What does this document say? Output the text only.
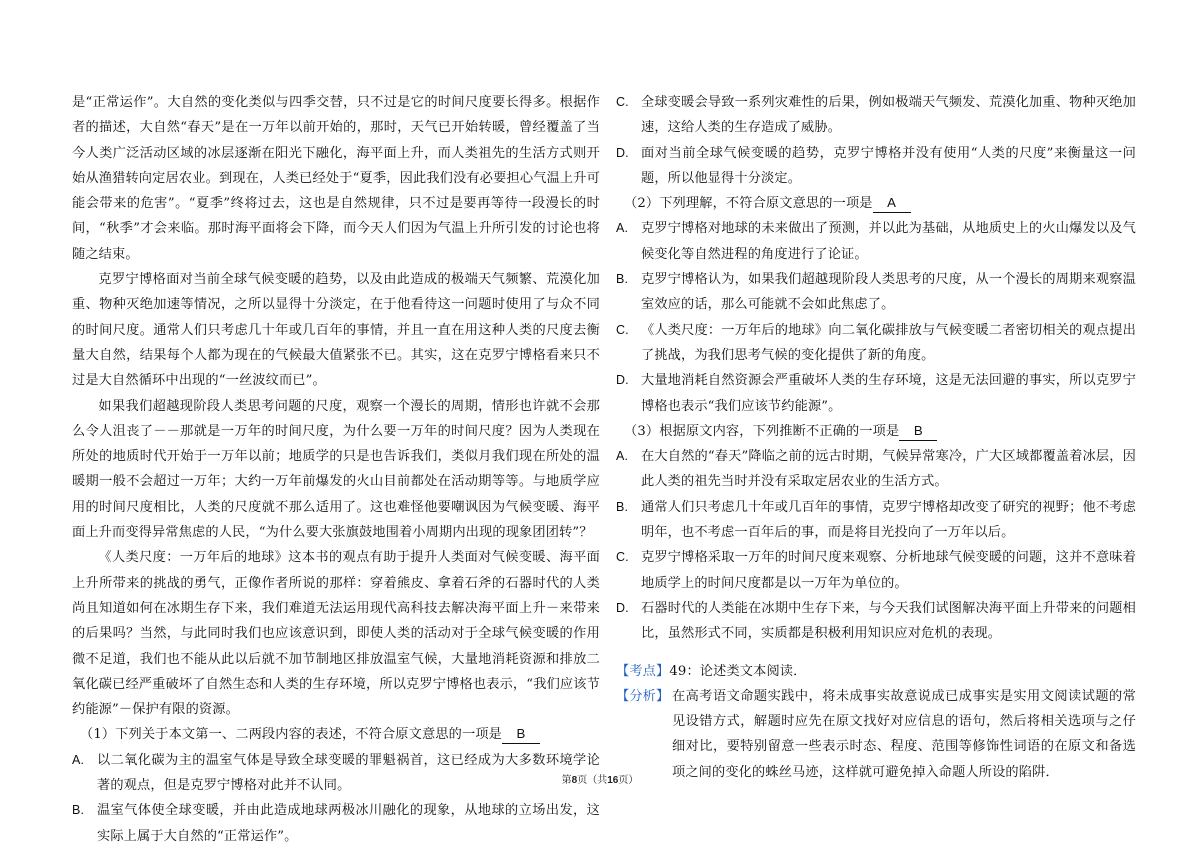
是“正常运作”。大自然的变化类似与四季交替，只不过是它的时间尺度要长得多。根据作者的描述，大自然“春天”是在一万年以前开始的，那时，天气已开始转暖，曾经覆盖了当今人类广泛活动区域的冰层逐渐在阳光下融化，海平面上升，而人类祖先的生活方式则开始从渔猎转向定居农业。到现在，人类已经处于“夏季，因此我们没有必要担心气温上升可能会带来的危害”。“夏季”终将过去，这也是自然规律，只不过是要再等待一段漫长的时间，“秋季”才会来临。那时海平面将会下降，而今天人们因为气温上升所引发的讨论也将随之结束。

克罗宁博格面对当前全球气候变暖的趋势，以及由此造成的极端天气频繁、荒漠化加重、物种灭绝加速等情况，之所以显得十分淡定，在于他看待这一问题时使用了与众不同的时间尺度。通常人们只考虑几十年或几百年的事情，并且一直在用这种人类的尺度去衡量大自然，结果每个人都为现在的气候最大值紧张不已。其实，这在克罗宁博格看来只不过是大自然循环中出现的“一丝波纹而已”。

如果我们超越现阶段人类思考问题的尺度，观察一个漫长的周期，情形也许就不会那么令人沮丧了－－那就是一万年的时间尺度，为什么要一万年的时间尺度？因为人类现在所处的地质时代开始于一万年以前；地质学的只是也告诉我们，类似月我们现在所处的温暖期一般不会超过一万年；大约一万年前爆发的火山目前都处在活动期等等。与地质学应用的时间尺度相比，人类的尺度就不那么适用了。这也难怪他要嘲讽因为气候变暖、海平面上升而变得异常焦虑的人民，“为什么要大张旗鼓地围着小周期内出现的现象团团转”？

《人类尺度：一万年后的地球》这本书的观点有助于提升人类面对气候变暖、海平面上升所带来的挑战的勇气，正像作者所说的那样：穿着熊皮、拿着石斧的石器时代的人类尚且知道如何在冰期生存下来，我们难道无法运用现代高科技去解决海平面上升－来带来的后果吗？当然，与此同时我们也应该意识到，即使人类的活动对于全球气候变暖的作用微不足道，我们也不能从此以后就不加节制地区排放温室气候，大量地消耗资源和排放二氧化碳已经严重破坏了自然生态和人类的生存环境，所以克罗宁博格也表示，“我们应该节约能源”－保护有限的资源。

（1）下列关于本文第一、二两段内容的表述，不符合原文意思的一项是 B

A. 以二氧化碳为主的温室气体是导致全球变暖的罪魁祸首，这已经成为大多数环境学论著的观点，但是克罗宁博格对此并不认同。

B. 温室气体使全球变暖，并由此造成地球两极冰川融化的现象，从地球的立场出发，这实际上属于大自然的“正常运作”。

C. 全球变暖会导致一系列灾难性的后果，例如极端天气频发、荒漠化加重、物种灭绝加速，这给人类的生存造成了威胁。

D. 面对当前全球气候变暖的趋势，克罗宁博格并没有使用“人类的尺度”来衡量这一问题，所以他显得十分淡定。

（2）下列理解，不符合原文意思的一项是 A

A. 克罗宁博格对地球的未来做出了预测，并以此为基础，从地质史上的火山爆发以及气候变化等自然进程的角度进行了论证。

B. 克罗宁博格认为，如果我们超越现阶段人类思考的尺度，从一个漫长的周期来观察温室效应的话，那么可能就不会如此焦虑了。

C. 《人类尺度：一万年后的地球》向二氧化碳排放与气候变暖二者密切相关的观点提出了挑战，为我们思考气候的变化提供了新的角度。

D. 大量地消耗自然资源会严重破坏人类的生存环境，这是无法回避的事实，所以克罗宁博格也表示“我们应该节约能源”。

（3）根据原文内容，下列推断不正确的一项是 B

A. 在大自然的“春天”降临之前的远古时期，气候异常寒冷，广大区域都覆盖着冰层，因此人类的祖先当时并没有采取定居农业的生活方式。

B. 通常人们只考虑几十年或几百年的事情，克罗宁博格却改变了研究的视野；他不考虑明年，也不考虑一百年后的事，而是将目光投向了一万年以后。

C. 克罗宁博格采取一万年的时间尺度来观察、分析地球气候变暖的问题，这并不意味着地质学上的时间尺度都是以一万年为单位的。

D. 石器时代的人类能在冰期中生存下来，与今天我们试图解决海平面上升带来的问题相比，虽然形式不同，实质都是积极利用知识应对危机的表现。

【考点】49：论述类文本阅读．

【分析】 在高考语文命题实践中，将未成事实故意说成已成事实是实用文阅读试题的常见设错方式，解题时应先在原文找好对应信息的语句，然后将相关选项与之仔细对比，要特别留意一些表示时态、程度、范围等修饰性词语的在原文和备选项之间的变化的蛛丝马迹，这样就可避免掉入命题人所设的陷阱．

第8页（共16页）
